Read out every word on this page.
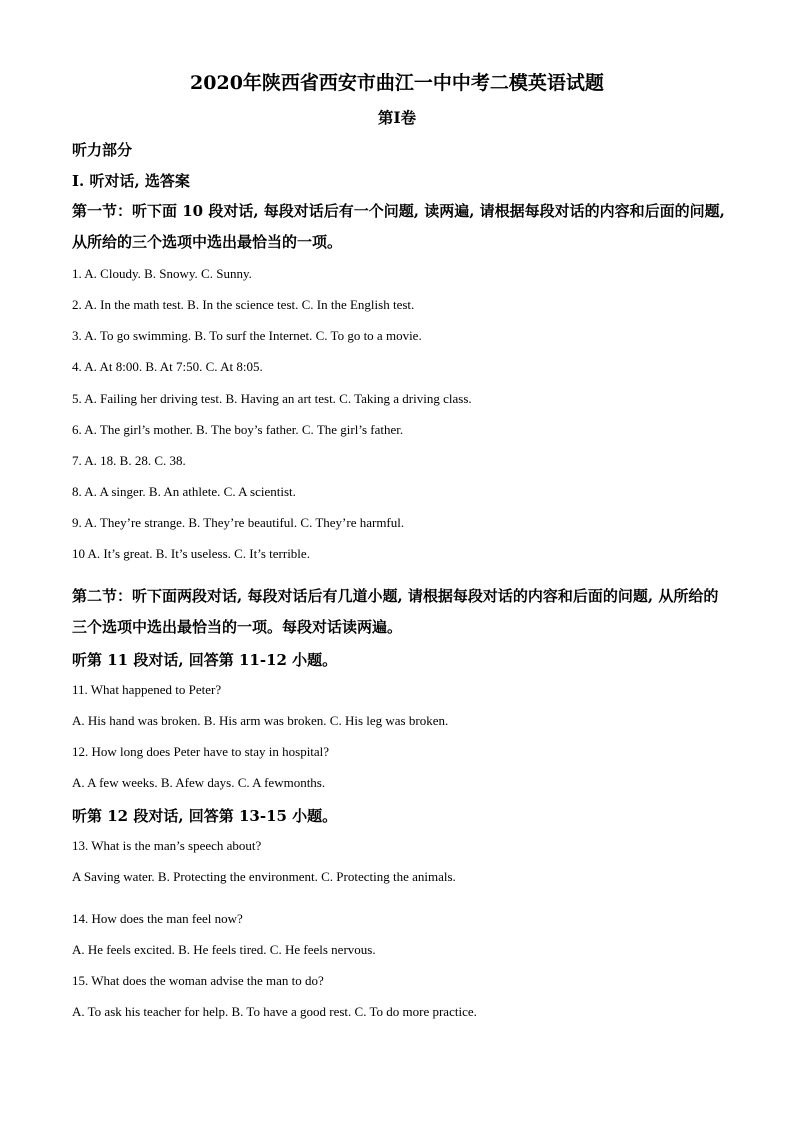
2020年陕西省西安市曲江一中中考二模英语试题
第I卷
听力部分
I. 听对话, 选答案
第一节：听下面 10 段对话, 每段对话后有一个问题, 读两遍, 请根据每段对话的内容和后面的问题, 从所给的三个选项中选出最恰当的一项。
1. A. Cloudy. B. Snowy. C. Sunny.
2. A. In the math test. B. In the science test. C. In the English test.
3. A. To go swimming. B. To surf the Internet. C. To go to a movie.
4. A. At 8:00. B. At 7:50. C. At 8:05.
5. A. Failing her driving test. B. Having an art test. C. Taking a driving class.
6. A. The girl’s mother. B. The boy’s father. C. The girl’s father.
7. A. 18. B. 28. C. 38.
8. A. A singer. B. An athlete. C. A scientist.
9. A. They’re strange. B. They’re beautiful. C. They’re harmful.
10 A. It’s great. B. It’s useless. C. It’s terrible.
第二节：听下面两段对话, 每段对话后有几道小题, 请根据每段对话的内容和后面的问题, 从所给的三个选项中选出最恰当的一项。每段对话读两遍。
听第 11 段对话, 回答第 11-12 小题。
11. What happened to Peter?
A. His hand was broken. B. His arm was broken. C. His leg was broken.
12. How long does Peter have to stay in hospital?
A. A few weeks. B. Afew days. C. A fewmonths.
听第 12 段对话, 回答第 13-15 小题。
13. What is the man’s speech about?
A Saving water. B. Protecting the environment. C. Protecting the animals.
14. How does the man feel now?
A. He feels excited. B. He feels tired. C. He feels nervous.
15. What does the woman advise the man to do?
A. To ask his teacher for help. B. To have a good rest. C. To do more practice.
